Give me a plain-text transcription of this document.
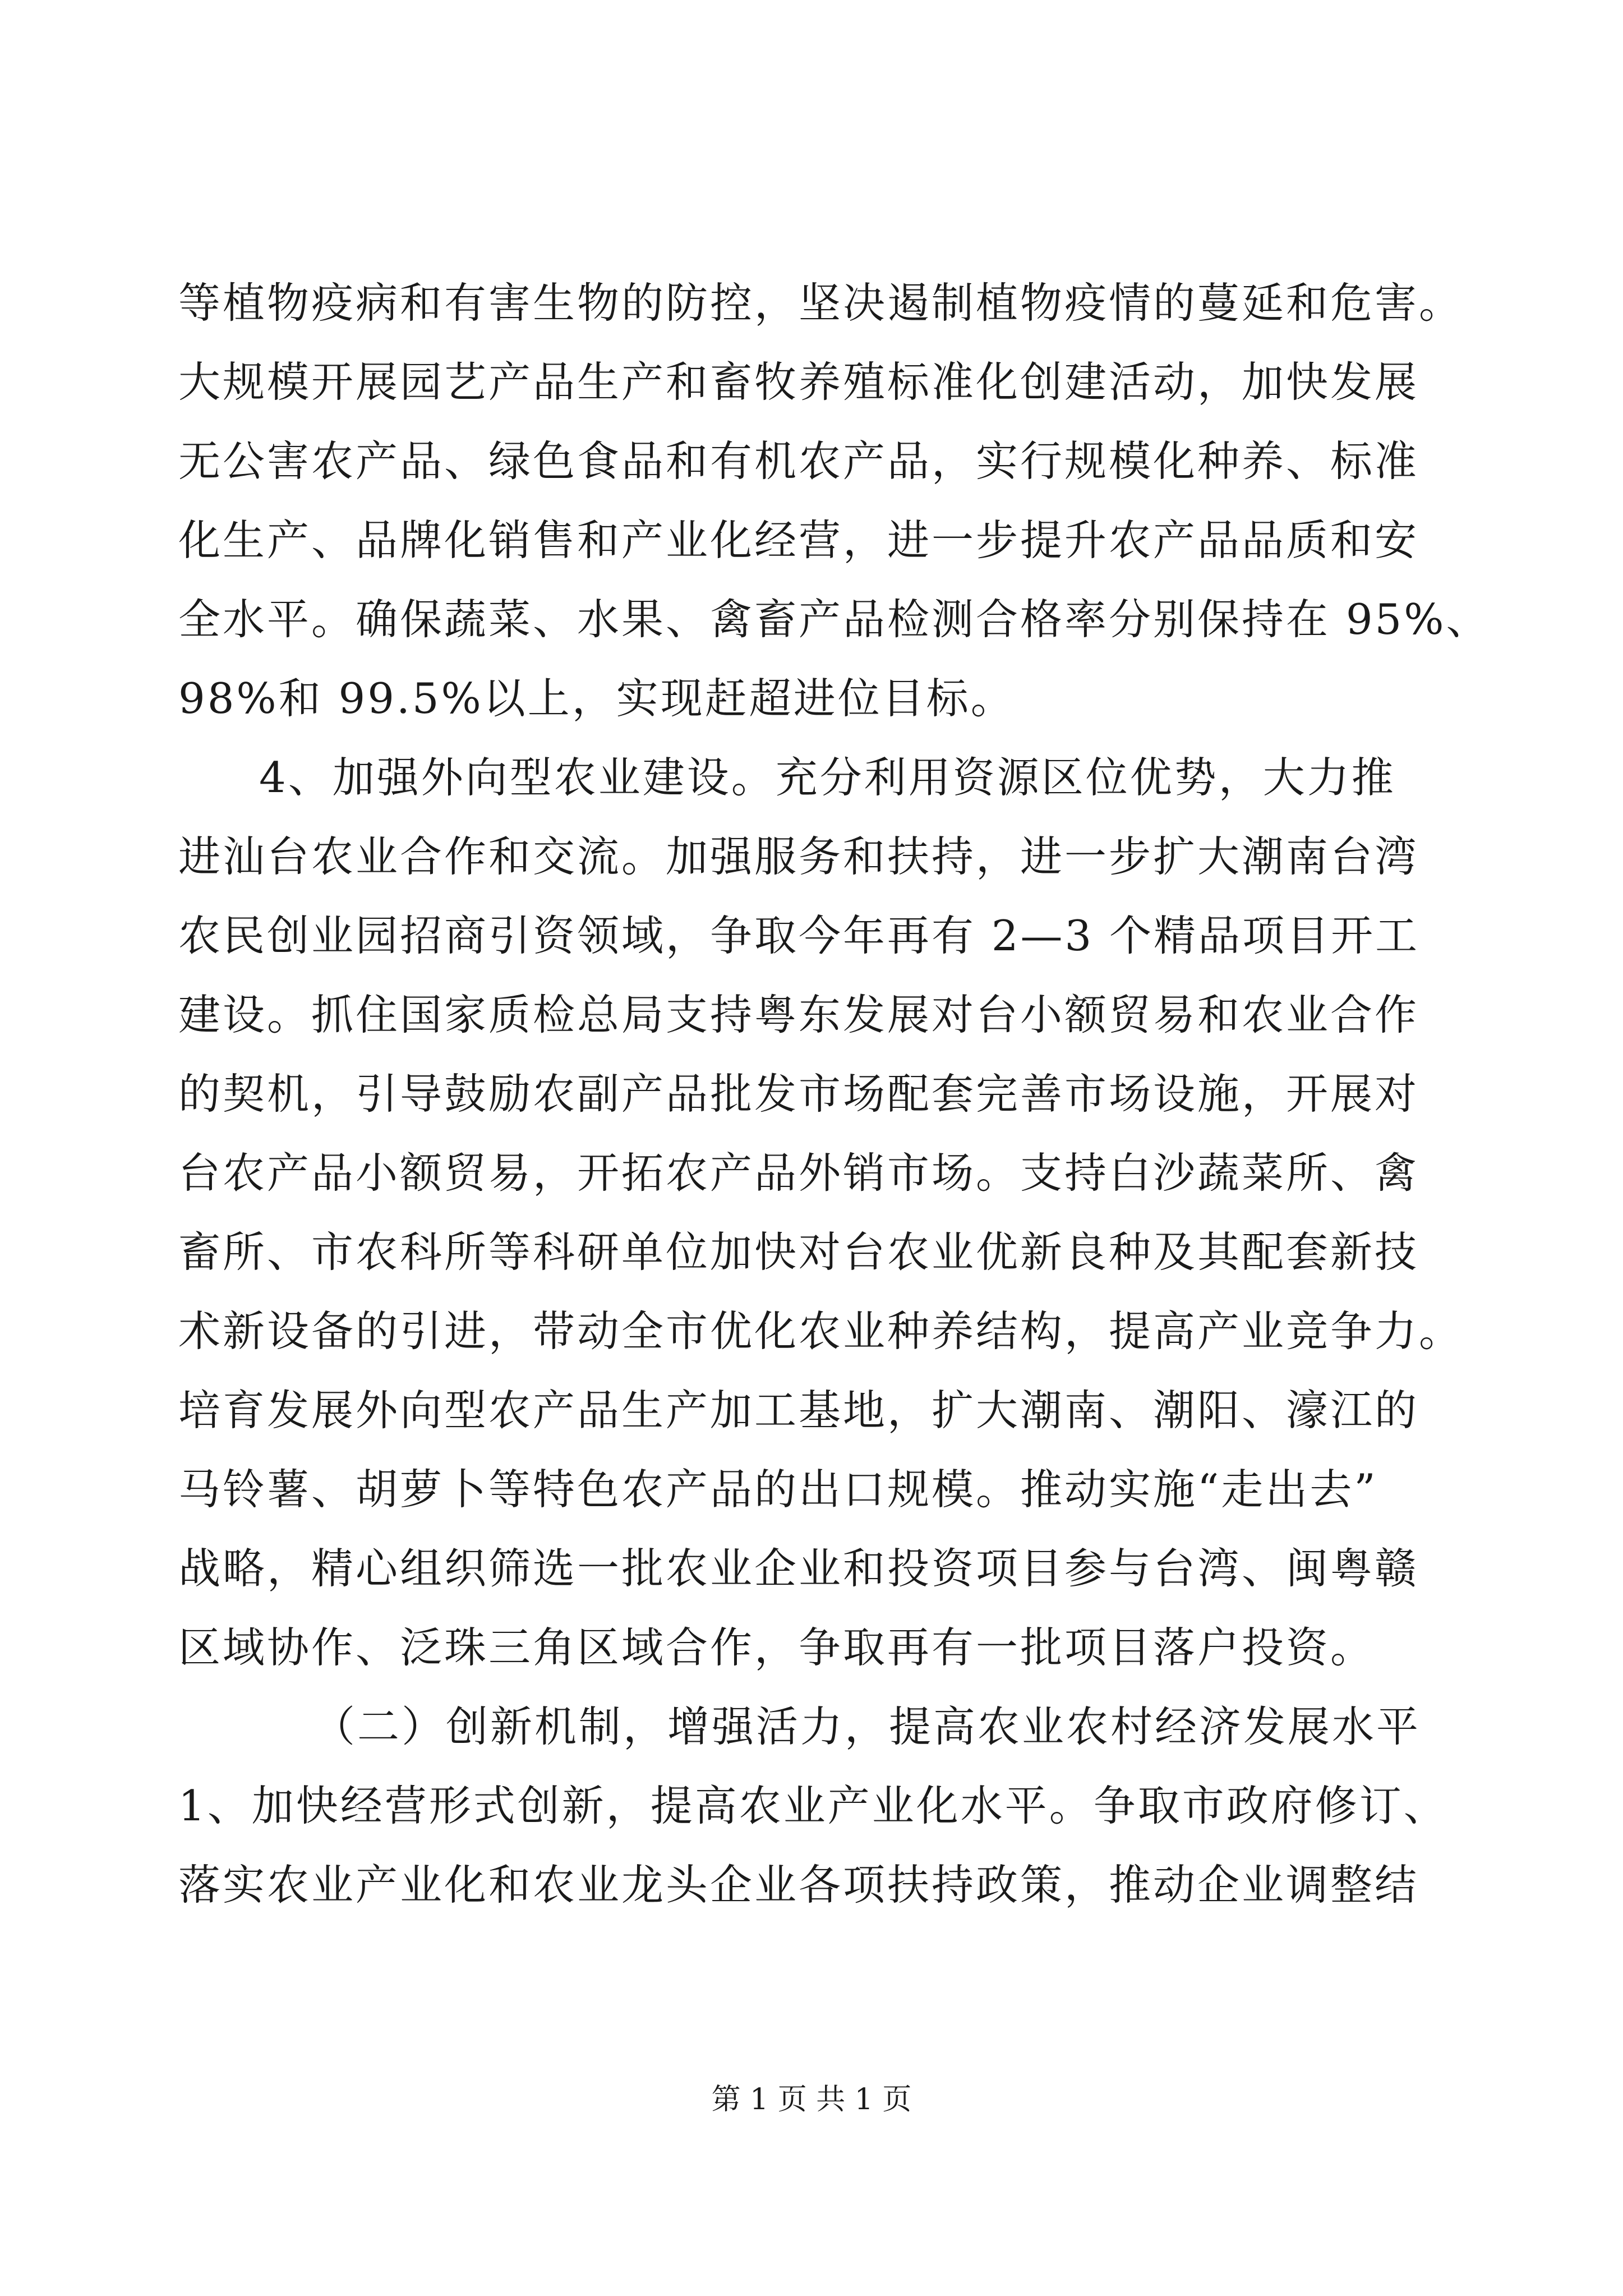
等植物疫病和有害生物的防控，坚决遏制植物疫情的蔓延和危害。
大规模开展园艺产品生产和畜牧养殖标准化创建活动，加快发展
无公害农产品、绿色食品和有机农产品，实行规模化种养、标准
化生产、品牌化销售和产业化经营，进一步提升农产品品质和安
全水平。确保蔬菜、水果、禽畜产品检测合格率分别保持在 95%、
98%和 99.5%以上，实现赶超进位目标。
4、加强外向型农业建设。充分利用资源区位优势，大力推
进汕台农业合作和交流。加强服务和扶持，进一步扩大潮南台湾
农民创业园招商引资领域，争取今年再有 2—3 个精品项目开工
建设。抓住国家质检总局支持粤东发展对台小额贸易和农业合作
的契机，引导鼓励农副产品批发市场配套完善市场设施，开展对
台农产品小额贸易，开拓农产品外销市场。支持白沙蔬菜所、禽
畜所、市农科所等科研单位加快对台农业优新良种及其配套新技
术新设备的引进，带动全市优化农业种养结构，提高产业竞争力。
培育发展外向型农产品生产加工基地，扩大潮南、潮阳、濠江的
马铃薯、胡萝卜等特色农产品的出口规模。推动实施“走出去”
战略，精心组织筛选一批农业企业和投资项目参与台湾、闽粤赣
区域协作、泛珠三角区域合作，争取再有一批项目落户投资。
（二）创新机制，增强活力，提高农业农村经济发展水平
1、加快经营形式创新，提高农业产业化水平。争取市政府修订、
落实农业产业化和农业龙头企业各项扶持政策，推动企业调整结
第 1 页 共 1 页
